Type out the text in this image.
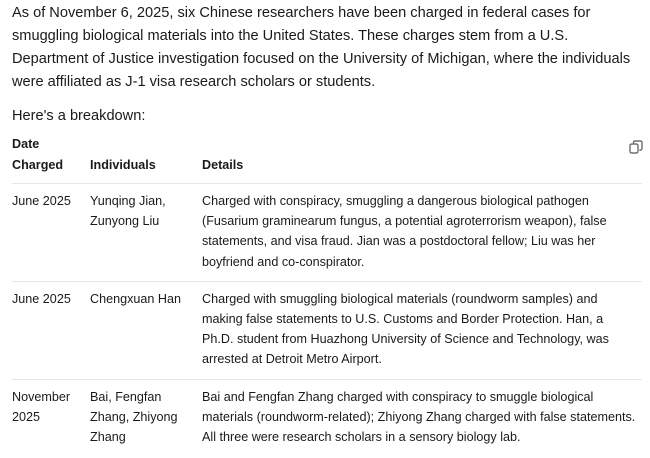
As of November 6, 2025, six Chinese researchers have been charged in federal cases for smuggling biological materials into the United States. These charges stem from a U.S. Department of Justice investigation focused on the University of Michigan, where the individuals were affiliated as J-1 visa research scholars or students.

Here's a breakdown:

Date Charged	Individuals	Details
June 2025	Yunqing Jian, Zunyong Liu	Charged with conspiracy, smuggling a dangerous biological pathogen (Fusarium graminearum fungus, a potential agroterrorism weapon), false statements, and visa fraud. Jian was a postdoctoral fellow; Liu was her boyfriend and co-conspirator.
June 2025	Chengxuan Han	Charged with smuggling biological materials (roundworm samples) and making false statements to U.S. Customs and Border Protection. Han, a Ph.D. student from Huazhong University of Science and Technology, was arrested at Detroit Metro Airport.
November 2025	Bai, Fengfan Zhang, Zhiyong Zhang	Bai and Fengfan Zhang charged with conspiracy to smuggle biological materials (roundworm-related); Zhiyong Zhang charged with false statements. All three were research scholars in a sensory biology lab.
